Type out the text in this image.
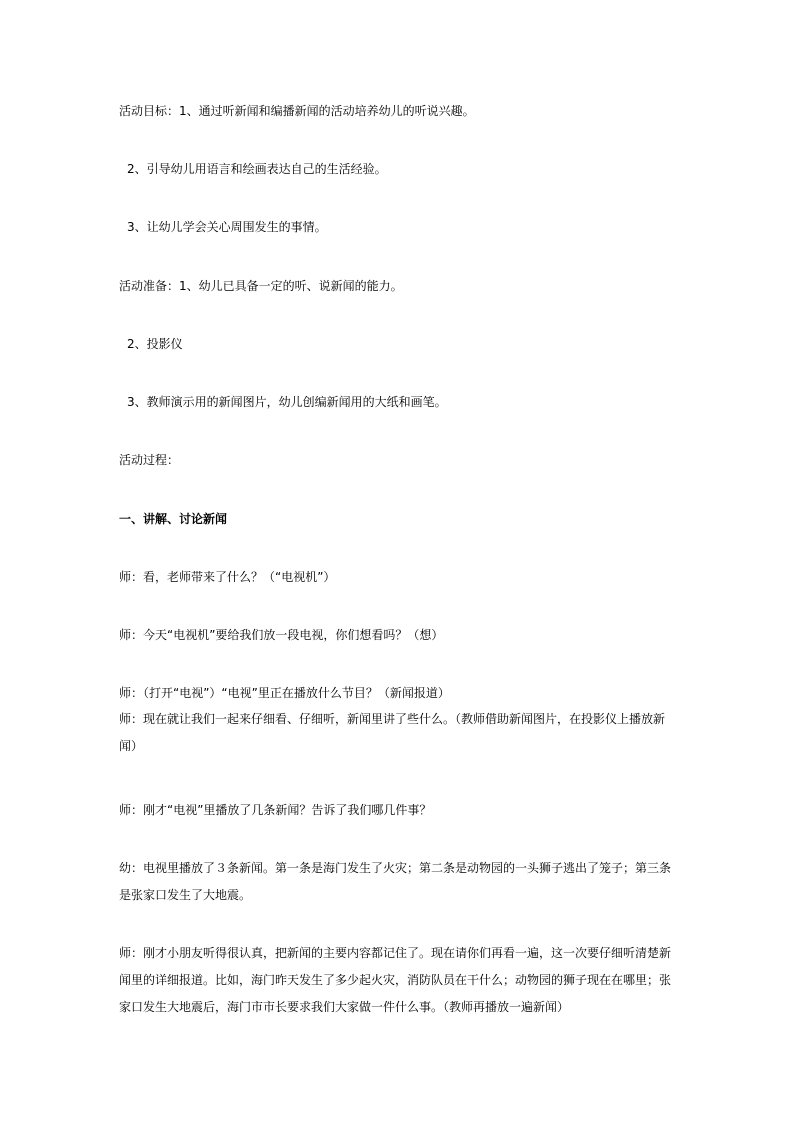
活动目标：1、通过听新闻和编播新闻的活动培养幼儿的听说兴趣。
2、引导幼儿用语言和绘画表达自己的生活经验。
3、让幼儿学会关心周围发生的事情。
活动准备：1、幼儿已具备一定的听、说新闻的能力。
2、投影仪
3、教师演示用的新闻图片，幼儿创编新闻用的大纸和画笔。
活动过程：
一、讲解、讨论新闻
师：看，老师带来了什么？（“电视机”）
师：今天“电视机”要给我们放一段电视，你们想看吗？（想）
师：（打开“电视”）“电视”里正在播放什么节目？（新闻报道）
师：现在就让我们一起来仔细看、仔细听，新闻里讲了些什么。（教师借助新闻图片，在投影仪上播放新闻）
师：刚才“电视”里播放了几条新闻？告诉了我们哪几件事？
幼：电视里播放了３条新闻。第一条是海门发生了火灾；第二条是动物园的一头狮子逃出了笼子；第三条是张家口发生了大地震。
师：刚才小朋友听得很认真，把新闻的主要内容都记住了。现在请你们再看一遍，这一次要仔细听清楚新闻里的详细报道。比如，海门昨天发生了多少起火灾，消防队员在干什么；动物园的狮子现在在哪里；张家口发生大地震后，海门市市长要求我们大家做一件什么事。（教师再播放一遍新闻）
